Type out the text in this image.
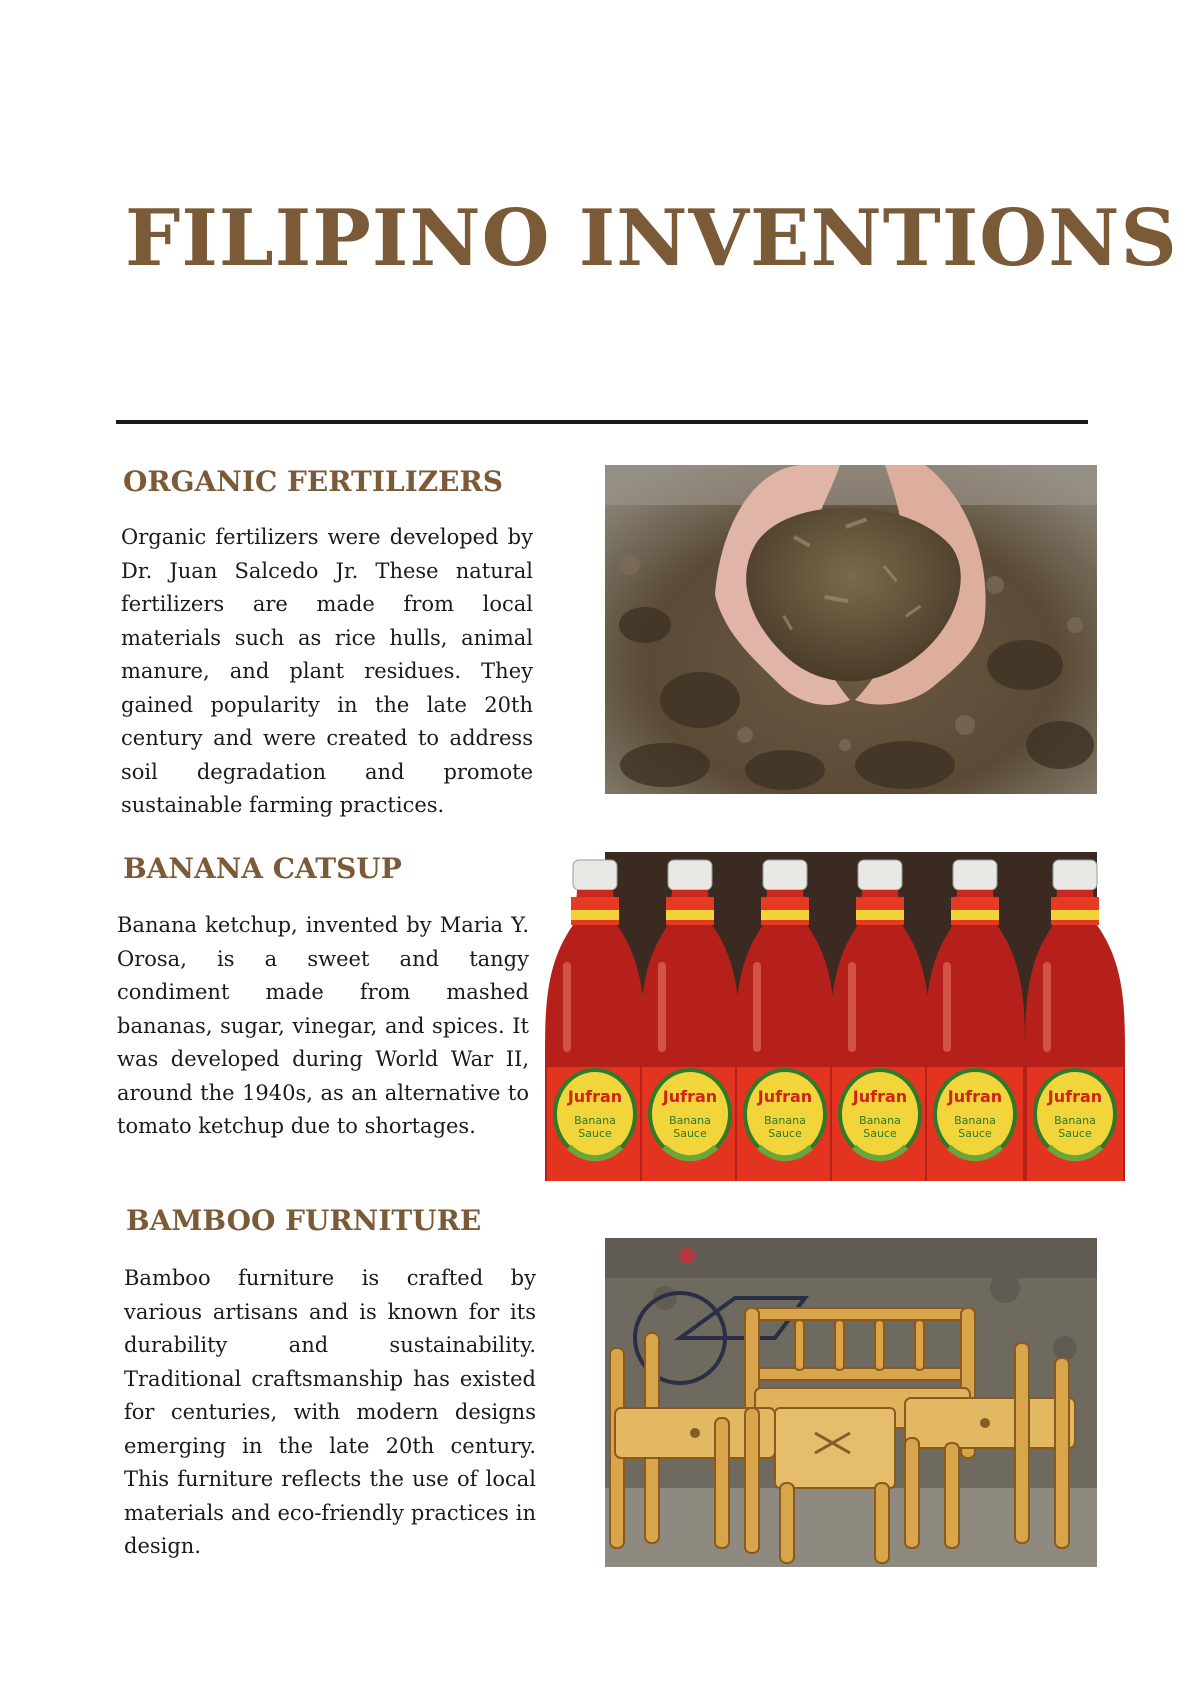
FILIPINO INVENTIONS
ORGANIC FERTILIZERS

Organic fertilizers were developed by Dr. Juan Salcedo Jr. These natural fertilizers are made from local materials such as rice hulls, animal manure, and plant residues. They gained popularity in the late 20th century and were created to address soil degradation and promote sustainable farming practices.

BANANA CATSUP

Banana ketchup, invented by Maria Y. Orosa, is a sweet and tangy condiment made from mashed bananas, sugar, vinegar, and spices. It was developed during World War II, around the 1940s, as an alternative to tomato ketchup due to shortages.

Jufran
Banana
Sauce
Jufran
Banana
Sauce
Jufran
Banana
Sauce
Jufran
Banana
Sauce
Jufran
Banana
Sauce
Jufran
Banana
Sauce
BAMBOO FURNITURE

Bamboo furniture is crafted by various artisans and is known for its durability and sustainability. Traditional craftsmanship has existed for centuries, with modern designs emerging in the late 20th century. This furniture reflects the use of local materials and eco-friendly practices in design.
